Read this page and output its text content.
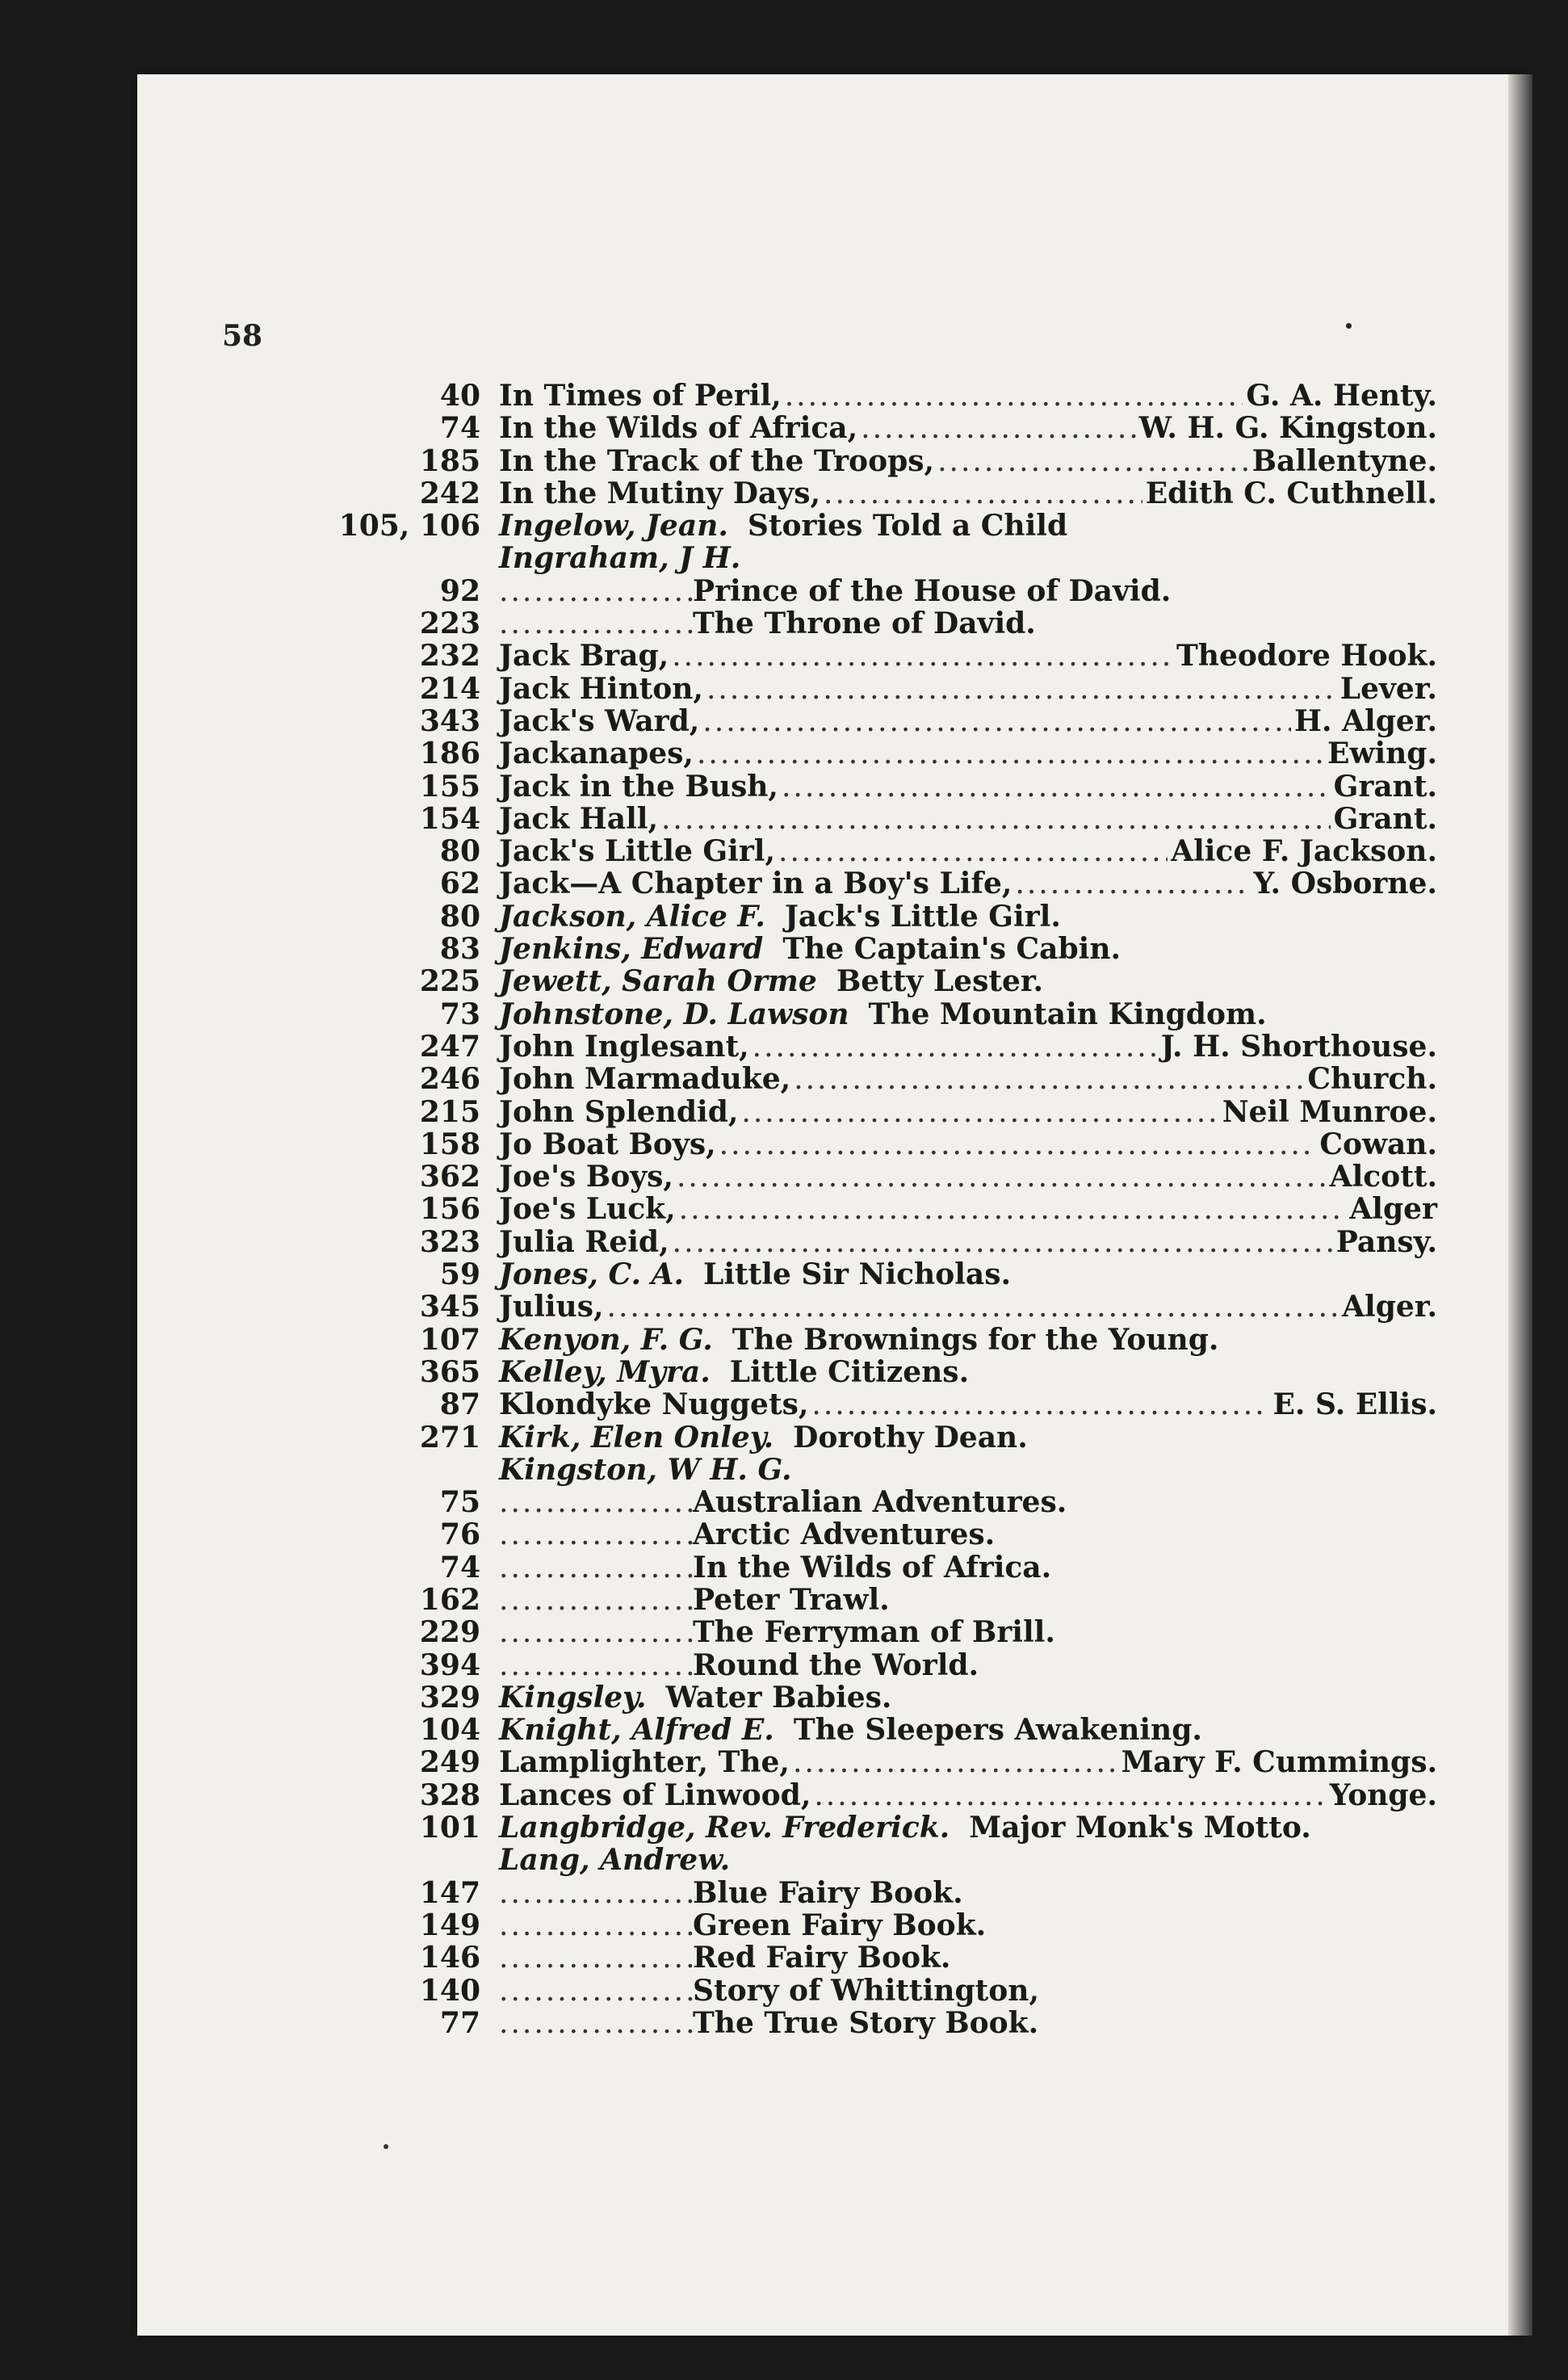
58
40 In Times of Peril, .....	G. A. Henty.
74 In the Wilds of Africa, .....	W. H. G. Kingston.
185 In the Track of the Troops, .....	Ballentyne.
242 In the Mutiny Days, .....	Edith C. Cuthnell.
105, 106 Ingelow, Jean. Stories Told a Child
Ingraham, J H.
92 .....	Prince of the House of David.
223 .....	The Throne of David.
232 Jack Brag, .....	Theodore Hook.
214 Jack Hinton, .....	Lever.
343 Jack's Ward, .....	H. Alger.
186 Jackanapes, .....	Ewing.
155 Jack in the Bush, .....	Grant.
154 Jack Hall, .....	Grant.
80 Jack's Little Girl, .....	Alice F. Jackson.
62 Jack—A Chapter in a Boy's Life, .....	Y. Osborne.
80 Jackson, Alice F. Jack's Little Girl.
83 Jenkins, Edward The Captain's Cabin.
225 Jewett, Sarah Orme Betty Lester.
73 Johnstone, D. Lawson The Mountain Kingdom.
247 John Inglesant, .....	J. H. Shorthouse.
246 John Marmaduke, .....	Church.
215 John Splendid, .....	Neil Munroe.
158 Jo Boat Boys, .....	Cowan.
362 Joe's Boys, .....	Alcott.
156 Joe's Luck, .....	Alger
323 Julia Reid, .....	Pansy.
59 Jones, C. A. Little Sir Nicholas.
345 Julius, .....	Alger.
107 Kenyon, F. G. The Brownings for the Young.
365 Kelley, Myra. Little Citizens.
87 Klondyke Nuggets, .....	E. S. Ellis.
271 Kirk, Elen Onley. Dorothy Dean.
Kingston, W H. G.
75 .....	Australian Adventures.
76 .....	Arctic Adventures.
74 .....	In the Wilds of Africa.
162 .....	Peter Trawl.
229 .....	The Ferryman of Brill.
394 .....	Round the World.
329 Kingsley. Water Babies.
104 Knight, Alfred E. The Sleepers Awakening.
249 Lamplighter, The, .....	Mary F. Cummings.
328 Lances of Linwood, .....	Yonge.
101 Langbridge, Rev. Frederick. Major Monk's Motto.
Lang, Andrew.
147 .....	Blue Fairy Book.
149 .....	Green Fairy Book.
146 .....	Red Fairy Book.
140 .....	Story of Whittington,
77 .....	The True Story Book.
